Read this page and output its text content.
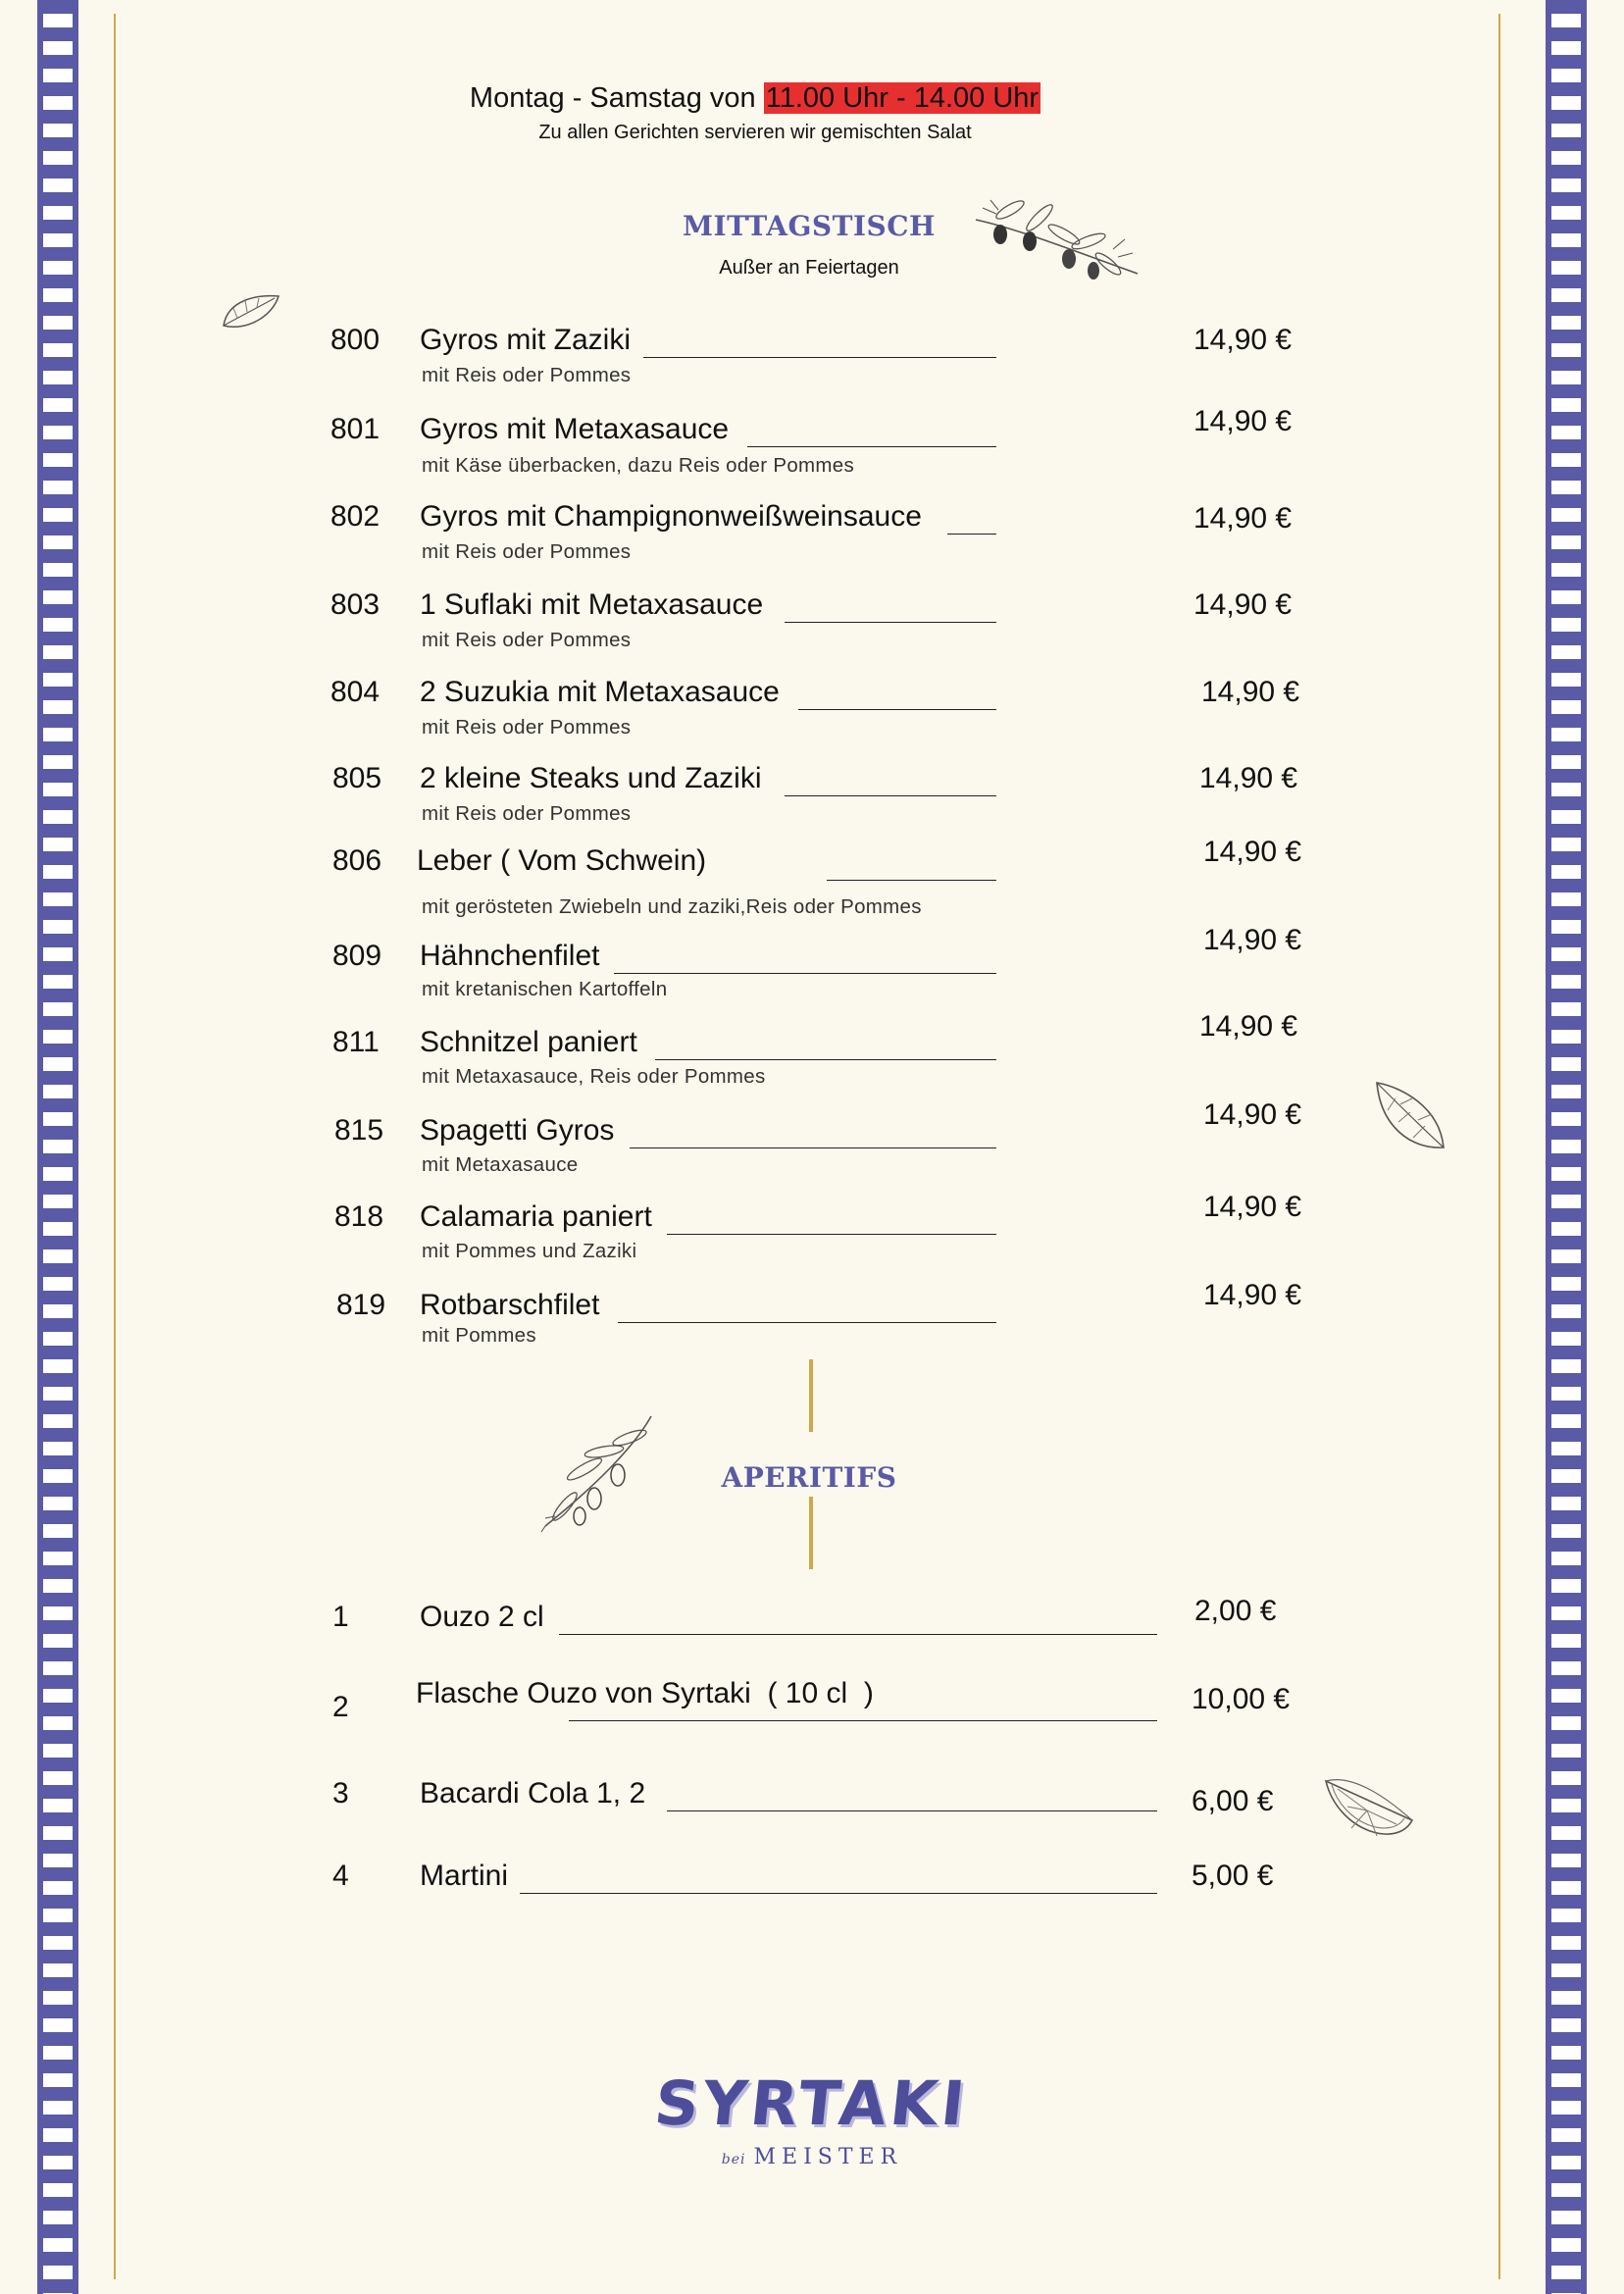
Montag - Samstag von 11.00 Uhr - 14.00 Uhr
Zu allen Gerichten servieren wir gemischten Salat
MITTAGSTISCH
Außer an Feiertagen
800 Gyros mit Zaziki	14,90 €
mit Reis oder Pommes
801 Gyros mit Metaxasauce	14,90 €
mit Käse überbacken, dazu Reis oder Pommes
802 Gyros mit Champignonweißweinsauce	14,90 €
mit Reis oder Pommes
803 1 Suflaki mit Metaxasauce	14,90 €
mit Reis oder Pommes
804 2 Suzukia mit Metaxasauce	14,90 €
mit Reis oder Pommes
805 2 kleine Steaks und Zaziki	14,90 €
mit Reis oder Pommes
806 Leber ( Vom Schwein)	14,90 €
mit gerösteten Zwiebeln und zaziki,Reis oder Pommes
809 Hähnchenfilet	14,90 €
mit kretanischen Kartoffeln
811 Schnitzel paniert	14,90 €
mit Metaxasauce, Reis oder Pommes
815 Spagetti Gyros	14,90 €
mit Metaxasauce
818 Calamaria paniert	14,90 €
mit Pommes und Zaziki
819 Rotbarschfilet	14,90 €
mit Pommes
APERITIFS
1 Ouzo 2 cl	2,00 €
2 Flasche Ouzo von Syrtaki  ( 10 cl  )	10,00 €
3 Bacardi Cola 1, 2	6,00 €
4 Martini	5,00 €
SYRTAKI
bei MEISTER
